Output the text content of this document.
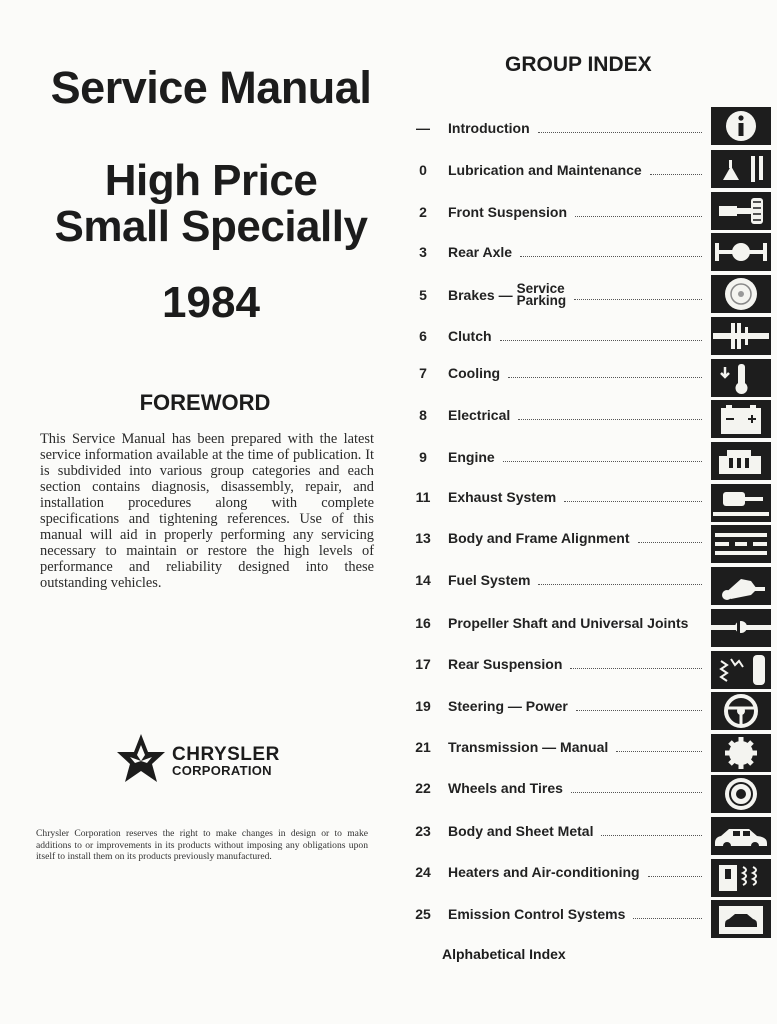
Service Manual
High Price
Small Specially
1984
FOREWORD

This Service Manual has been prepared with the latest service information available at the time of publication. It is subdivided into various group categories and each section contains diagnosis, disassembly, repair, and installation procedures along with complete specifications and tightening references. Use of this manual will aid in properly performing any servicing necessary to maintain or restore the high levels of performance and reliability designed into these outstanding vehicles.

CHRYSLER
CORPORATION

Chrysler Corporation reserves the right to make changes in design or to make additions to or improvements in its products without imposing any obligations upon itself to install them on its products previously manufactured.

GROUP INDEX
—	Introduction
0	Lubrication and Maintenance
2	Front Suspension
3	Rear Axle
5	Brakes — Service
Parking
6	Clutch
7	Cooling
8	Electrical
9	Engine
11	Exhaust System
13	Body and Frame Alignment
14	Fuel System
16	Propeller Shaft and Universal Joints
17	Rear Suspension
19	Steering — Power
21	Transmission — Manual
22	Wheels and Tires
23	Body and Sheet Metal
24	Heaters and Air-conditioning
25	Emission Control Systems
Alphabetical Index
